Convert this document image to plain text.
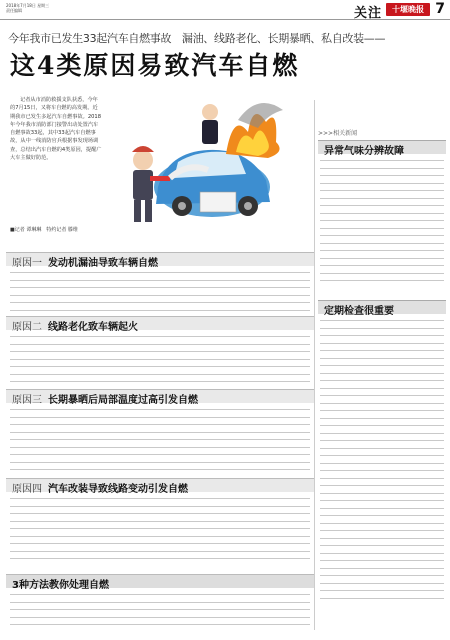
2018年7月18日 星期三
责任编辑	关注	十堰晚报 7
今年我市已发生33起汽车自燃事故　漏油、线路老化、长期暴晒、私自改装——
这4类原因易致汽车自燃
记者从市消防救援支队获悉，今年的7月15日，又将车自燃的高发期。近期我市已发生多起汽车自燃事故。2018年今年我市消防部门接警出动处置汽车自燃事故33起，其中33起汽车自燃事故，从中一线消防官兵根据事发现场调查，总结出汽车自燃的4类原因，提醒广大车主做好防范。
■记者 谭琳琳　特约记者 滕维
原因一 发动机漏油导致车辆自燃
原因二 线路老化致车辆起火
原因三 长期暴晒后局部温度过高引发自燃
原因四 汽车改装导致线路变动引发自燃
3种方法教你处理自燃
>>>相关新闻
异常气味分辨故障
定期检查很重要
